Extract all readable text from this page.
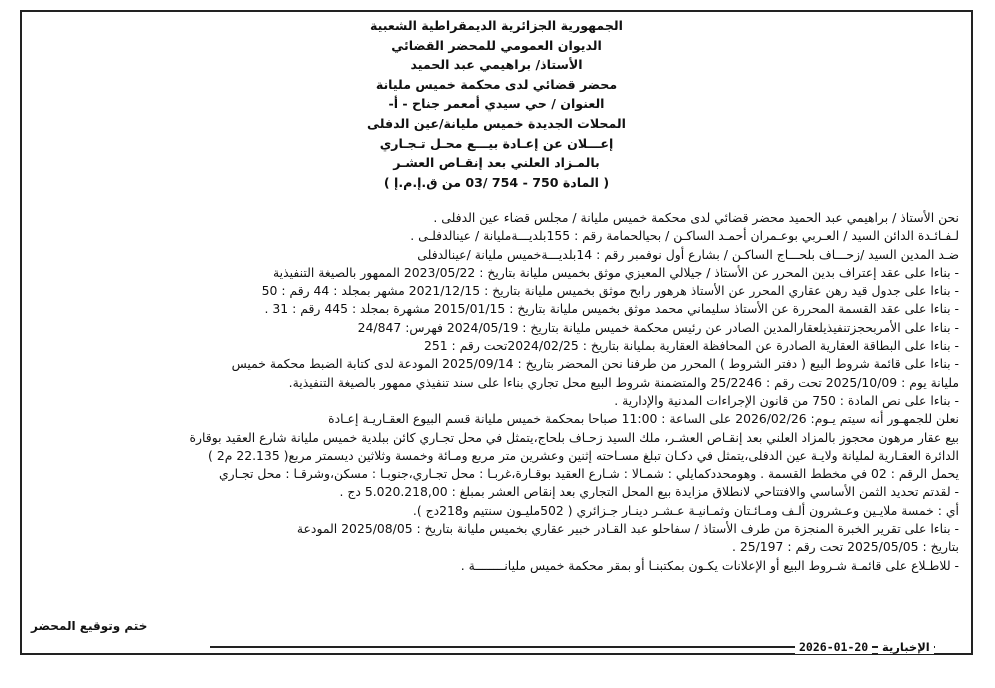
الجمهورية الجزائرية الديمقراطية الشعبية
الديوان العمومي للمحضر القضائي
الأستاذ/ براهيمي عبد الحميد
محضر قضائي لدى محكمة خميس مليانة
العنوان / حي سيدي أمعمر جناح - أ-
المحلات الجديدة خميس مليانة/عين الدفلى
إعـــلان عن إعـادة بيـــع محـل تـجـاري
بالمـزاد العلني بعد إنقـاص العشـر
( المادة 750 - 754 /03 من ق.إ.م.إ )
نحن الأستاذ / براهيمي عبد الحميد محضر قضائي لدى محكمة خميس مليانة / مجلس قضاء عين الدفلى .
لـفـائـدة الدائن السيد / العـربي بوعـمران أحمـد الساكـن / بحيالحمامة رقم : 155بلديـــةمليانة / عينالدفلـى .
ضـد المدين السيد /زحـــاف بلحـــاج الساكـن / بشارع أول نوفمبر رقم : 14بلديـــةخميس مليانة /عينالدفلى
- بناءا على عقد إعتراف بدين المحرر عن الأستاذ / جيلالي المعيزي موثق بخميس مليانة بتاريخ : 2023/05/22 الممهور بالصيغة التنفيذية
- بناءا على جدول قيد رهن عقاري المحرر عن الأستاذ هرهور رابح موثق بخميس مليانة بتاريخ : 2021/12/15 مشهر بمجلد : 44 رقم : 50
- بناءا على عقد القسمة المحررة عن الأستاذ سليماني محمد موثق بخميس مليانة بتاريخ : 2015/01/15 مشهرة بمجلد : 445 رقم : 31 .
- بناءا على الأمربحجزتنفيذيلعقارالمدين الصادر عن رئيس محكمة خميس مليانة بتاريخ : 2024/05/19 فهرس: 24/847
- بناءا على البطاقة العقارية الصادرة عن المحافظة العقارية بمليانة بتاريخ : 2024/02/25تحت رقم : 251
- بناءا على قائمة شروط البيع ( دفتر الشروط ) المحرر من طرفنا نحن المحضر بتاريخ : 2025/09/14 المودعة لدى كتابة الضبط محكمة خميس
مليانة يوم : 2025/10/09 تحت رقم : 25/2246 والمتضمنة شروط البيع محل تجاري بناءا على سند تنفيذي ممهور بالصيغة التنفيذية.
- بناءا على نص المادة : 750 من قانون الإجراءات المدنية والإدارية .
نعلن للجمهـور أنه سيتم يـوم: 2026/02/26 على الساعة : 11:00 صباحا بمحكمة خميس مليانة قسم البيوع العقـاريـة إعـادة
بيع عقار مرهون محجوز بالمزاد العلني بعد إنقـاص العشـر، ملك السيد زحـاف بلحاج،يتمثل في محل تجـاري كائن ببلدية خميس مليانة شارع العقيد بوقارة
الدائرة العقـارية لمليانة ولايـة عين الدفلى،يتمثل في دكـان تبلغ مسـاحته إثنين وعشرين متر مربع ومـائة وخمسة وثلاثين ديسمتر مربع( 22.135 م2 )
يحمل الرقم : 02 في مخطط القسمة . وهومحددكمايلي : شمـالا : شـارع العقيد بوقـارة،غربـا : محل تجـاري،جنوبـا : مسكن،وشرقـا : محل تجـاري
- لقدتم تحديد الثمن الأساسي والافتتاحي لانطلاق مزايدة بيع المحل التجاري بعد إنقاص العشر بمبلغ : 5.020.218,00 دج .
أي : خمسة ملايـين وعـشرون ألـف ومـائـتان وثمـانيـة عـشـر دينـار جـزائري ( 502مليـون سنتيم و218دج ).
- بناءا على تقرير الخبرة المنجزة من طرف الأستاذ / سفاحلو عبد القـادر خبير عقاري بخميس مليانة بتاريخ : 2025/08/05 المودعة
بتاريخ : 2025/05/05 تحت رقم : 25/197 .
- للاطـلاع على قائمـة شـروط البيع أو الإعلانات يكـون بمكتبنـا أو بمقر محكمة خميس مليانــــــــة .
ختم وتوقيع المحضر
2026-01-20	الإخبارية
